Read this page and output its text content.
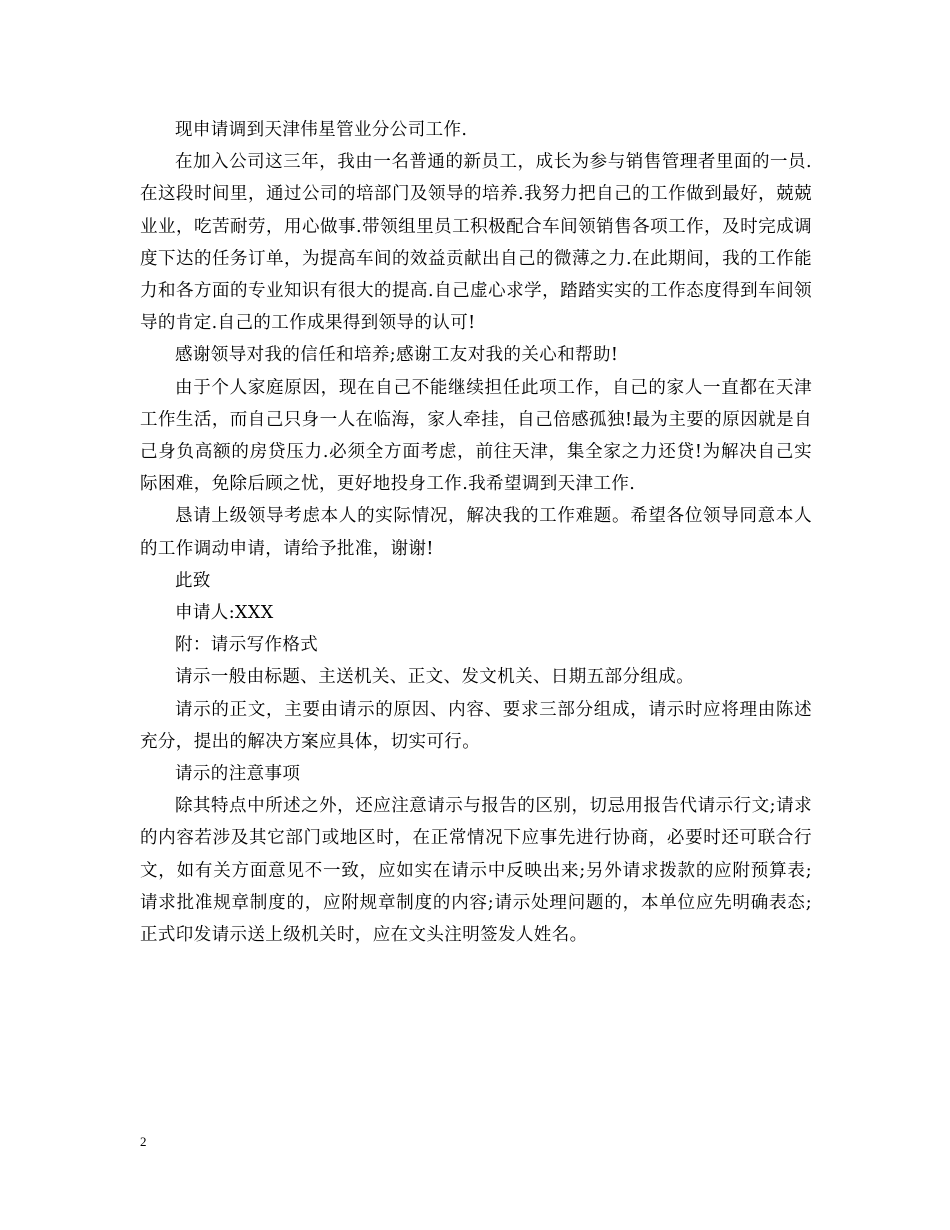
现申请调到天津伟星管业分公司工作.

在加入公司这三年，我由一名普通的新员工，成长为参与销售管理者里面的一员.在这段时间里，通过公司的培部门及领导的培养.我努力把自己的工作做到最好，兢兢业业，吃苦耐劳，用心做事.带领组里员工积极配合车间领销售各项工作，及时完成调度下达的任务订单，为提高车间的效益贡献出自己的微薄之力.在此期间，我的工作能力和各方面的专业知识有很大的提高.自己虚心求学，踏踏实实的工作态度得到车间领导的肯定.自己的工作成果得到领导的认可!

感谢领导对我的信任和培养;感谢工友对我的关心和帮助!

由于个人家庭原因，现在自己不能继续担任此项工作，自己的家人一直都在天津工作生活，而自己只身一人在临海，家人牵挂，自己倍感孤独!最为主要的原因就是自己身负高额的房贷压力.必须全方面考虑，前往天津，集全家之力还贷!为解决自己实际困难，免除后顾之忧，更好地投身工作.我希望调到天津工作.

恳请上级领导考虑本人的实际情况，解决我的工作难题。希望各位领导同意本人的工作调动申请，请给予批准，谢谢!

此致

申请人:XXX

附：请示写作格式

请示一般由标题、主送机关、正文、发文机关、日期五部分组成。

请示的正文，主要由请示的原因、内容、要求三部分组成，请示时应将理由陈述充分，提出的解决方案应具体，切实可行。

请示的注意事项

除其特点中所述之外，还应注意请示与报告的区别，切忌用报告代请示行文;请求的内容若涉及其它部门或地区时，在正常情况下应事先进行协商，必要时还可联合行文，如有关方面意见不一致，应如实在请示中反映出来;另外请求拨款的应附预算表;请求批准规章制度的，应附规章制度的内容;请示处理问题的，本单位应先明确表态;正式印发请示送上级机关时，应在文头注明签发人姓名。

2
